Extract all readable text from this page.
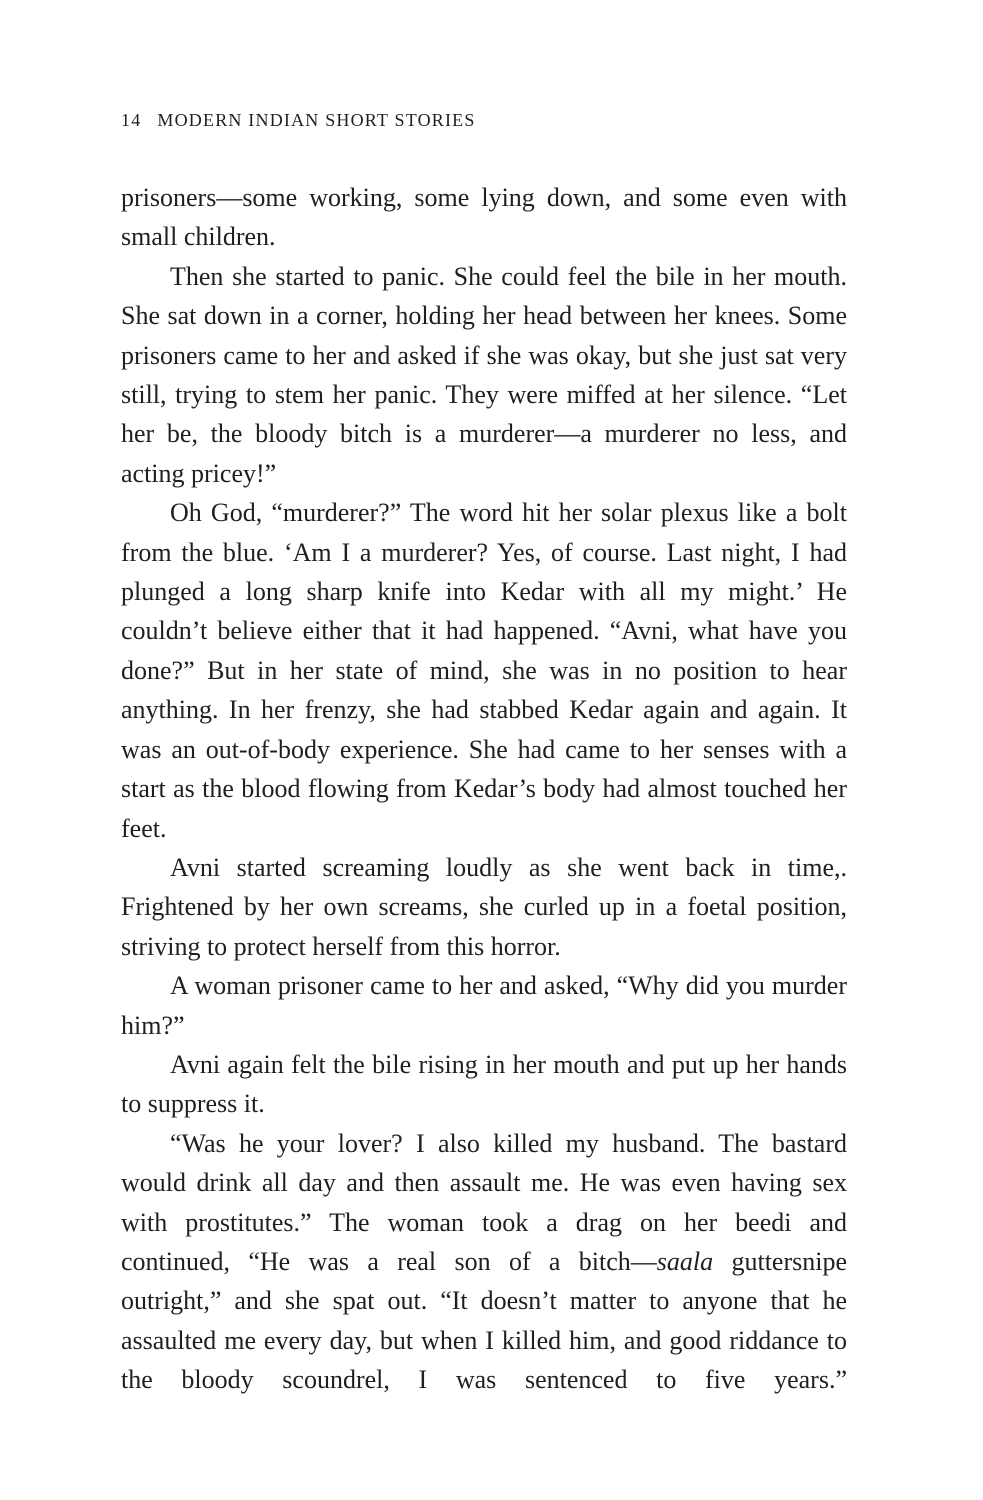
14 MODERN INDIAN SHORT STORIES

prisoners—some working, some lying down, and some even with small children.

Then she started to panic. She could feel the bile in her mouth. She sat down in a corner, holding her head between her knees. Some prisoners came to her and asked if she was okay, but she just sat very still, trying to stem her panic. They were miffed at her silence. “Let her be, the bloody bitch is a murderer—a murderer no less, and acting pricey!”

Oh God, “murderer?” The word hit her solar plexus like a bolt from the blue. ‘Am I a murderer? Yes, of course. Last night, I had plunged a long sharp knife into Kedar with all my might.’ He couldn’t believe either that it had happened. “Avni, what have you done?” But in her state of mind, she was in no position to hear anything. In her frenzy, she had stabbed Kedar again and again. It was an out-of-body experience. She had came to her senses with a start as the blood flowing from Kedar’s body had almost touched her feet.

Avni started screaming loudly as she went back in time,. Frightened by her own screams, she curled up in a foetal position, striving to protect herself from this horror.

A woman prisoner came to her and asked, “Why did you murder him?”

Avni again felt the bile rising in her mouth and put up her hands to suppress it.

“Was he your lover? I also killed my husband. The bastard would drink all day and then assault me. He was even having sex with prostitutes.” The woman took a drag on her beedi and continued, “He was a real son of a bitch—saala guttersnipe outright,” and she spat out. “It doesn’t matter to anyone that he assaulted me every day, but when I killed him, and good riddance to the bloody scoundrel, I was sentenced to five years.”
